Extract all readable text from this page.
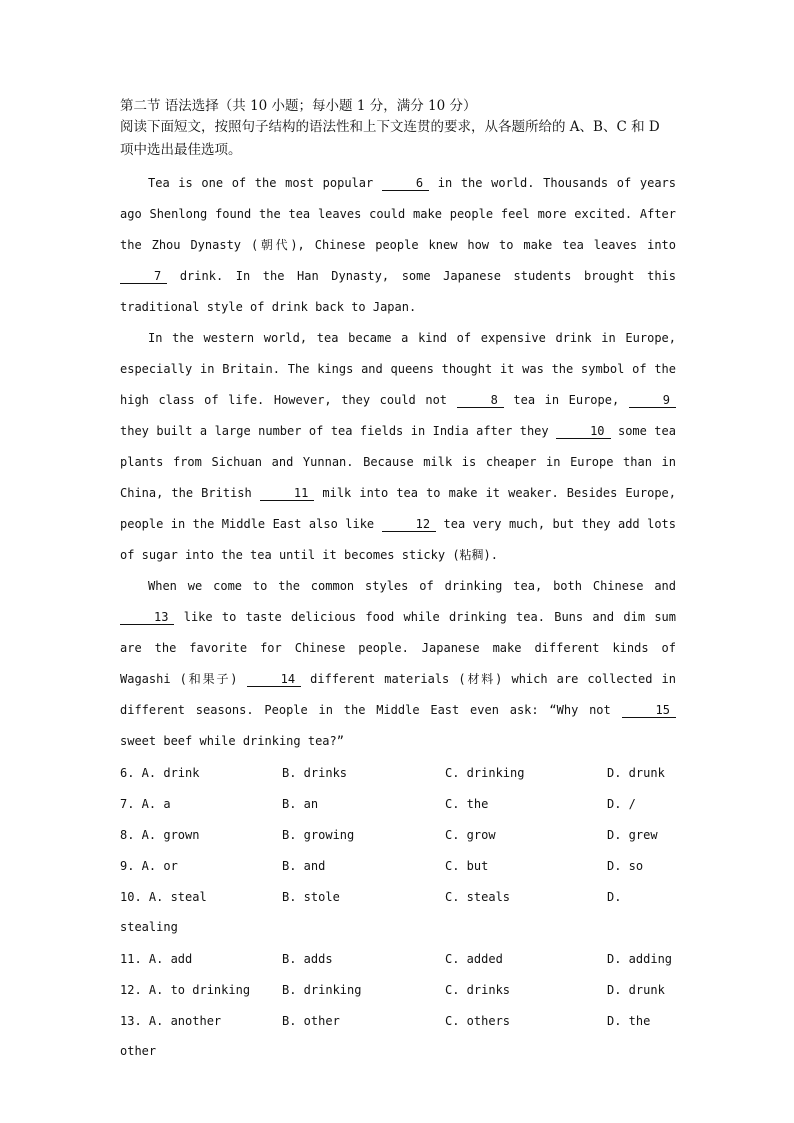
第二节 语法选择（共 10 小题；每小题 1 分，满分 10 分）

阅读下面短文，按照句子结构的语法性和上下文连贯的要求，从各题所给的 A、B、C 和 D 项中选出最佳选项。

Tea is one of the most popular	6 in the world. Thousands of years ago Shenlong found the tea leaves could make people feel more excited. After the Zhou Dynasty (朝代), Chinese people knew how to make tea leaves into 7 drink. In the Han Dynasty, some Japanese students brought this traditional style of drink back to Japan.

In the western world, tea became a kind of expensive drink in Europe, especially in Britain. The kings and queens thought it was the symbol of the high class of life. However, they could not	8 tea in Europe,	9 they built a large number of tea fields in India after they	10 some tea plants from Sichuan and Yunnan. Because milk is cheaper in Europe than in China, the British	11 milk into tea to make it weaker. Besides Europe, people in the Middle East also like	12 tea very much, but they add lots of sugar into the tea until it becomes sticky (粘稠).

When we come to the common styles of drinking tea, both Chinese and 13 like to taste delicious food while drinking tea. Buns and dim sum are the favorite for Chinese people. Japanese make different kinds of Wagashi (和果子)	14 different materials (材料) which are collected in different seasons. People in the Middle East even ask: “Why not	15 sweet beef while drinking tea?”

6. A. drink	B. drinks	C. drinking	D. drunk
7. A. a	B. an	C. the	D. /
8. A. grown	B. growing	C. grow	D. grew
9. A. or	B. and	C. but	D. so
10. A. steal	B. stole	C. steals	D.
stealing
11. A. add	B. adds	C. added	D. adding
12. A. to drinking	B. drinking	C. drinks	D. drunk
13. A. another	B. other	C. others	D. the
other
